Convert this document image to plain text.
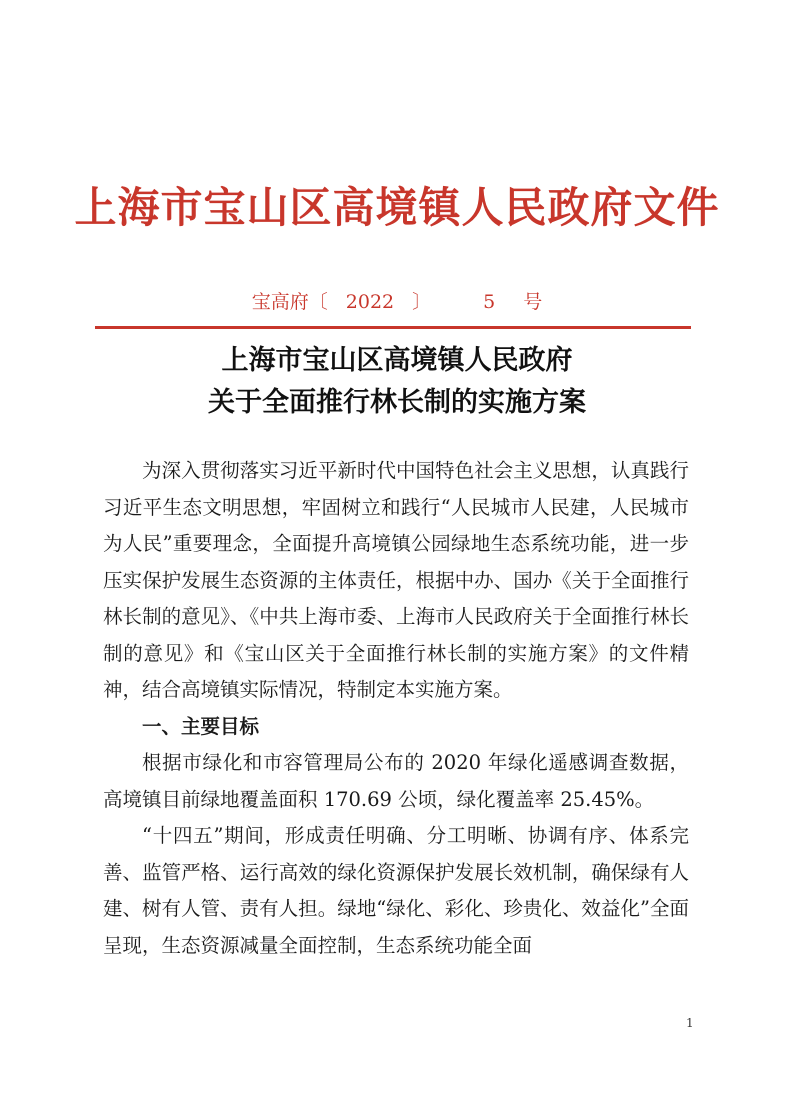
上海市宝山区高境镇人民政府文件
宝高府〔 2022 〕	5 号
上海市宝山区高境镇人民政府
关于全面推行林长制的实施方案

为深入贯彻落实习近平新时代中国特色社会主义思想，认真践行习近平生态文明思想，牢固树立和践行“人民城市人民建，人民城市为人民”重要理念，全面提升高境镇公园绿地生态系统功能，进一步压实保护发展生态资源的主体责任，根据中办、国办《关于全面推行林长制的意见》、《中共上海市委、上海市人民政府关于全面推行林长制的意见》和《宝山区关于全面推行林长制的实施方案》的文件精神，结合高境镇实际情况，特制定本实施方案。

一、主要目标

根据市绿化和市容管理局公布的 2020 年绿化遥感调查数据，高境镇目前绿地覆盖面积 170.69 公顷，绿化覆盖率 25.45%。

“十四五”期间，形成责任明确、分工明晰、协调有序、体系完善、监管严格、运行高效的绿化资源保护发展长效机制，确保绿有人建、树有人管、责有人担。绿地“绿化、彩化、珍贵化、效益化”全面呈现，生态资源减量全面控制，生态系统功能全面

1
